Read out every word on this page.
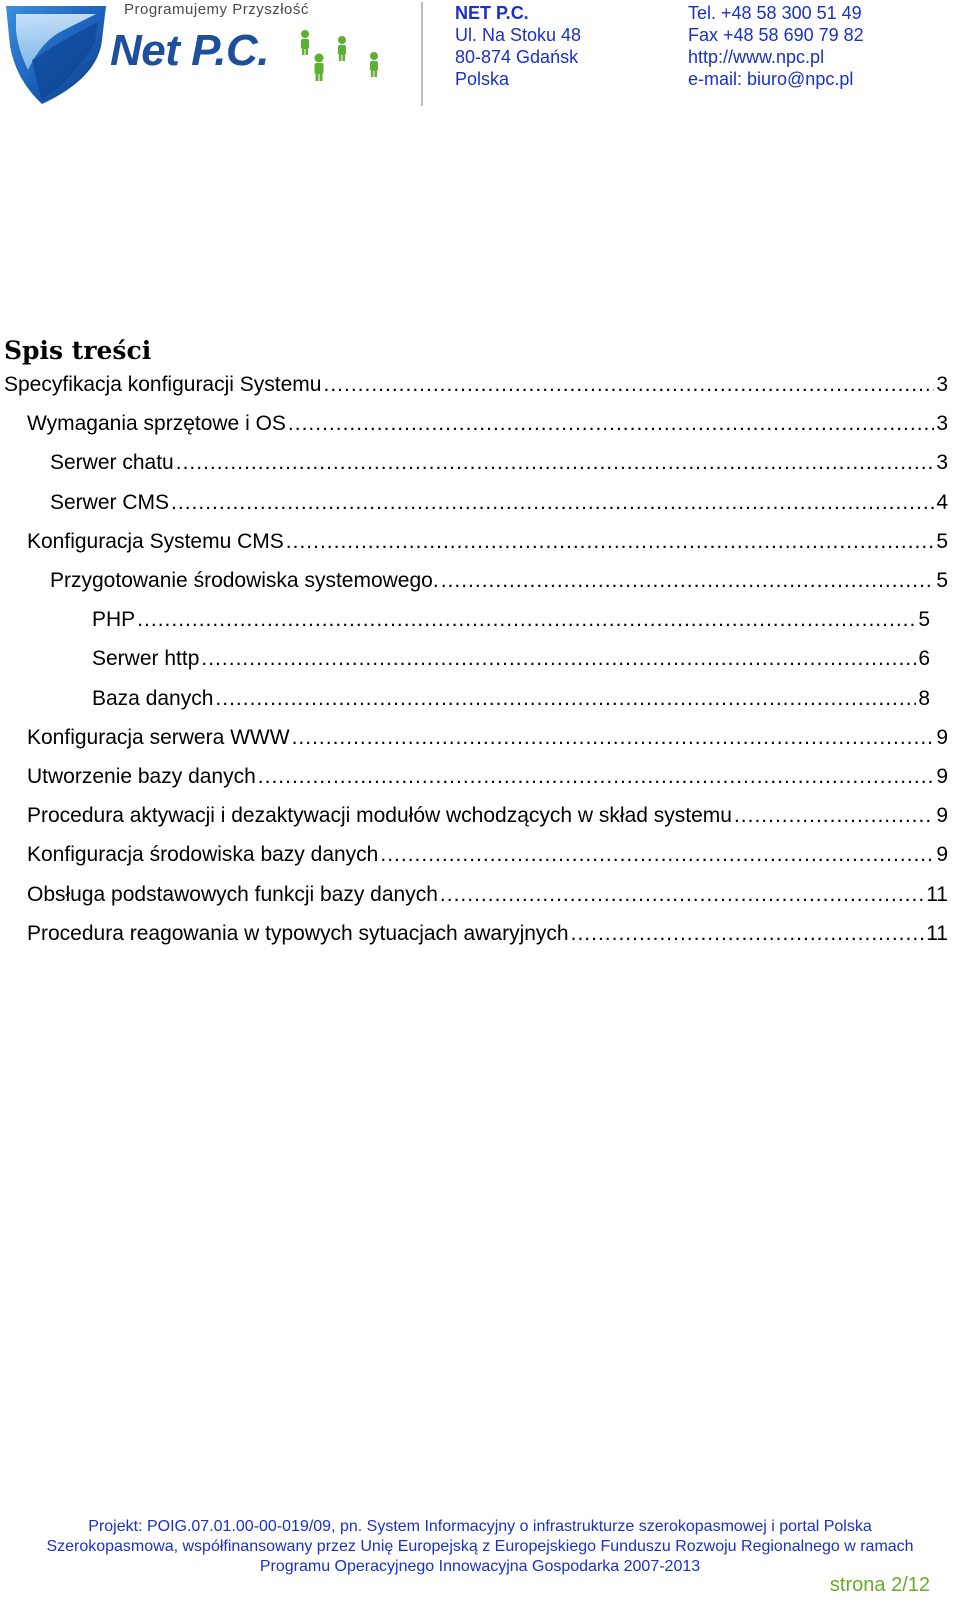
Programujemy Przyszłość
Net P.C.
NET P.C.
Ul. Na Stoku 48
80-874 Gdańsk
Polska
Tel. +48 58 300 51 49
Fax +48 58 690 79 82
http://www.npc.pl
e-mail: biuro@npc.pl
Spis treści
Specyfikacja konfiguracji Systemu .....	3
Wymagania sprzętowe i OS .....	3
Serwer chatu .....	3
Serwer CMS .....	4
Konfiguracja Systemu CMS .....	5
Przygotowanie środowiska systemowego. .....	5
PHP .....	5
Serwer http .....	6
Baza danych .....	8
Konfiguracja serwera WWW .....	9
Utworzenie bazy danych .....	9
Procedura aktywacji i dezaktywacji modułów wchodzących w skład systemu .....	9
Konfiguracja środowiska bazy danych .....	9
Obsługa podstawowych funkcji bazy danych .....	11
Procedura reagowania w typowych sytuacjach awaryjnych .....	11
Projekt: POIG.07.01.00-00-019/09, pn. System Informacyjny o infrastrukturze szerokopasmowej i portal Polska
Szerokopasmowa, współfinansowany przez Unię Europejską z Europejskiego Funduszu Rozwoju Regionalnego w ramach
Programu Operacyjnego Innowacyjna Gospodarka 2007-2013
strona 2/12
